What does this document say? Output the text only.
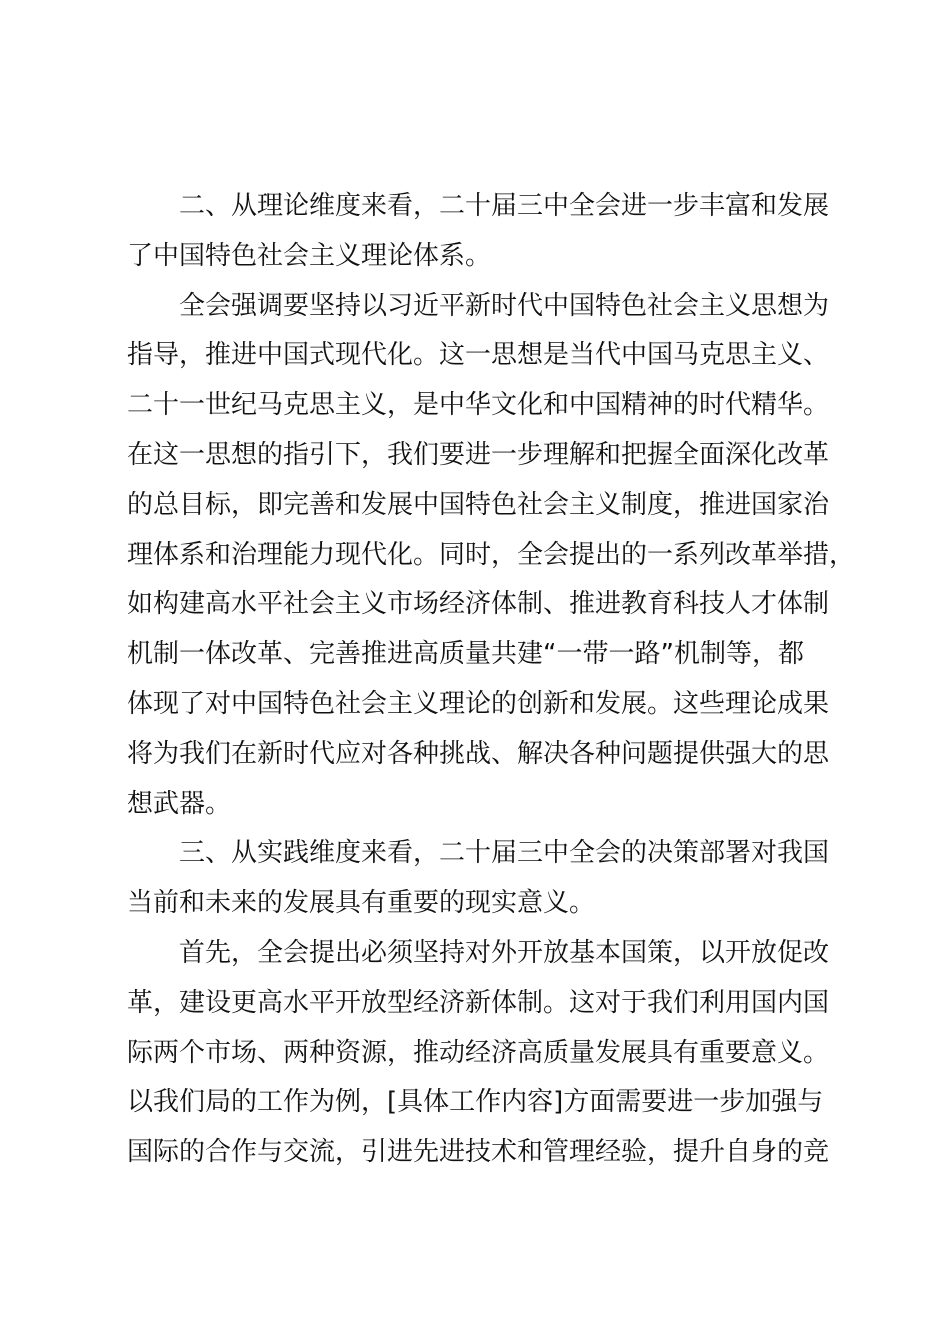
二、从理论维度来看，二十届三中全会进一步丰富和发展
了中国特色社会主义理论体系。
全会强调要坚持以习近平新时代中国特色社会主义思想为
指导，推进中国式现代化。这一思想是当代中国马克思主义、
二十一世纪马克思主义，是中华文化和中国精神的时代精华。
在这一思想的指引下，我们要进一步理解和把握全面深化改革
的总目标，即完善和发展中国特色社会主义制度，推进国家治
理体系和治理能力现代化。同时，全会提出的一系列改革举措，
如构建高水平社会主义市场经济体制、推进教育科技人才体制
机制一体改革、完善推进高质量共建“一带一路”机制等，都
体现了对中国特色社会主义理论的创新和发展。这些理论成果
将为我们在新时代应对各种挑战、解决各种问题提供强大的思
想武器。
三、从实践维度来看，二十届三中全会的决策部署对我国
当前和未来的发展具有重要的现实意义。
首先，全会提出必须坚持对外开放基本国策，以开放促改
革，建设更高水平开放型经济新体制。这对于我们利用国内国
际两个市场、两种资源，推动经济高质量发展具有重要意义。
以我们局的工作为例，[具体工作内容]方面需要进一步加强与
国际的合作与交流，引进先进技术和管理经验，提升自身的竞
